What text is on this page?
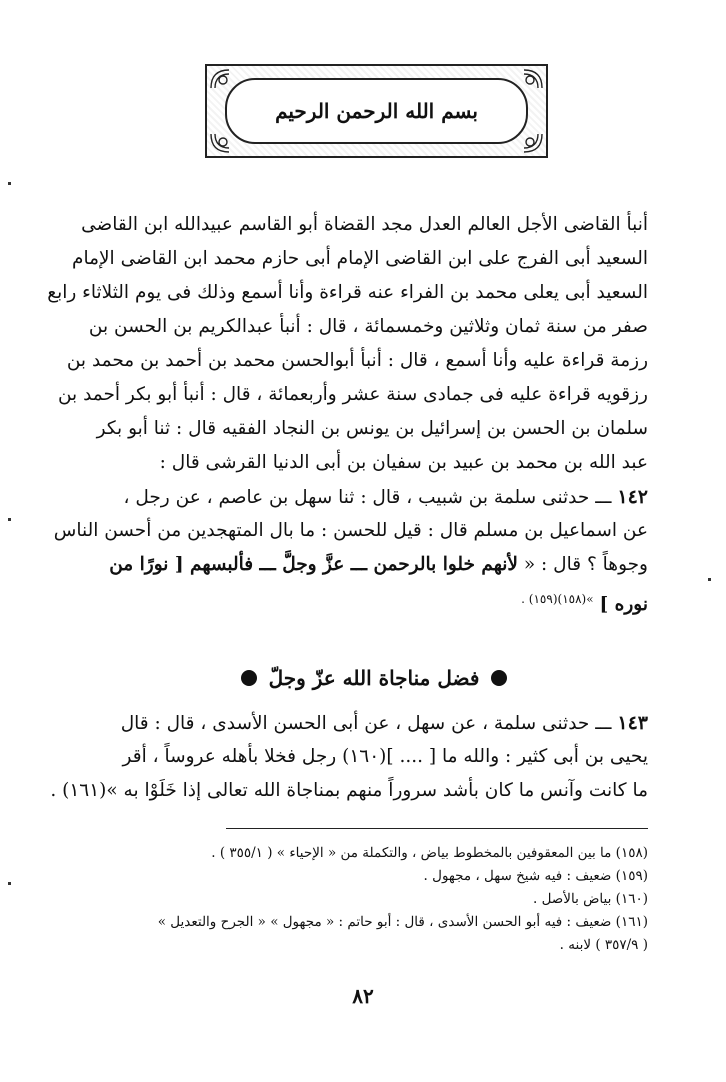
بسم الله الرحمن الرحيم
أنبأ القاضى الأجل العالم العدل مجد القضاة أبو القاسم عبيدالله ابن القاضى
السعيد أبى الفرج على ابن القاضى الإمام أبى حازم محمد ابن القاضى الإمام
السعيد أبى يعلى محمد بن الفراء عنه قراءة وأنا أسمع وذلك فى يوم الثلاثاء رابع
صفر من سنة ثمان وثلاثين وخمسمائة ، قال : أنبأ عبدالكريم بن الحسن بن
رزمة قراءة عليه وأنا أسمع ، قال : أنبأ أبوالحسن محمد بن أحمد بن محمد بن
رزقويه قراءة عليه فى جمادى سنة عشر وأربعمائة ، قال : أنبأ أبو بكر أحمد بن
سلمان بن الحسن بن إسرائيل بن يونس بن النجاد الفقيه قال : ثنا أبو بكر
عبد الله بن محمد بن عبيد بن سفيان بن أبى الدنيا القرشى قال :
١٤٢ ـــ حدثنى سلمة بن شبيب ، قال : ثنا سهل بن عاصم ، عن رجل ،
عن اسماعيل بن مسلم قال : قيل للحسن : ما بال المتهجدين من أحسن الناس
وجوهاً ؟ قال : « لأنهم خلوا بالرحمن ـــ عزَّ وجلَّ ـــ فألبسهم [ نورًا من
نوره ] $^{»(١٥٨)(١٥٩) .}$
فضل مناجاة الله عزّ وجلّ
١٤٣ ـــ حدثنى سلمة ، عن سهل ، عن أبى الحسن الأسدى ، قال : قال
يحيى بن أبى كثير : والله ما [ .... ](١٦٠) رجل فخلا بأهله عروساً ، أقر
ما كانت وآنس ما كان بأشد سروراً منهم بمناجاة الله تعالى إذا خَلَوْا به »(١٦١) .
(١٥٨) ما بين المعقوفين بالمخطوط بياض ، والتكملة من « الإحياء » ( ٣٥٥/١ ) .
(١٥٩) ضعيف : فيه شيخ سهل ، مجهول .
(١٦٠) بياض بالأصل .
(١٦١) ضعيف : فيه أبو الحسن الأسدى ، قال : أبو حاتم : « مجهول » « الجرح والتعديل »
( ٣٥٧/٩ ) لابنه .
٨٢
